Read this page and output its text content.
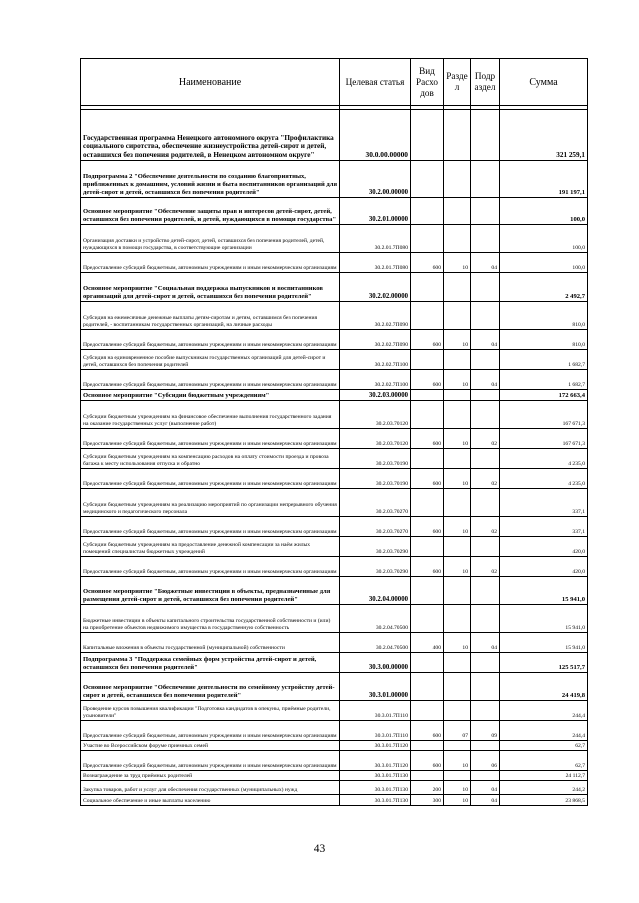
Наименование	Целевая статья	Вид Расхо дов	Разде л	Подр аздел	Сумма

Государственная программа Ненецкого автономного округа "Профилактика социального сиротства, обеспечение жизнеустройства детей-сирот и детей, оставшихся без попечения родителей, в Ненецком автономном округе"	30.0.00.00000				321 259,1
Подпрограмма 2 "Обеспечение деятельности по созданию благоприятных, приближенных к домашним, условий жизни и быта воспитанников организаций для детей-сирот и детей, оставшихся без попечения родителей"	30.2.00.00000				191 197,1
Основное мероприятие "Обеспечение защиты прав и интересов детей-сирот, детей, оставшихся без попечения родителей, и детей, нуждающихся в помощи государства"	30.2.01.00000				100,0
Организация доставки и устройство детей-сирот, детей, оставшихся без попечения родителей, детей, нуждающихся в помощи государства, в соответствующие организации	30.2.01.7П080				100,0
Предоставление субсидий бюджетным, автономным учреждениям и иным некоммерческим организациям	30.2.01.7П080	600	10	04	100,0
Основное мероприятие "Социальная поддержка выпускников и воспитанников организаций для детей-сирот и детей, оставшихся без попечения родителей"	30.2.02.00000				2 492,7
Субсидия на ежемесячные денежные выплаты детям-сиротам и детям, оставшимся без попечения родителей, - воспитанникам государственных организаций, на личные расходы	30.2.02.7П090				810,0
Предоставление субсидий бюджетным, автономным учреждениям и иным некоммерческим организациям	30.2.02.7П090	600	10	04	810,0
Субсидия на единовременное пособие выпускникам государственных организаций для детей-сирот и детей, оставшихся без попечения родителей	30.2.02.7П100				1 682,7
Предоставление субсидий бюджетным, автономным учреждениям и иным некоммерческим организациям	30.2.02.7П100	600	10	04	1 682,7
Основное мероприятие "Субсидии бюджетным учреждениям"	30.2.03.00000				172 663,4
Субсидии бюджетным учреждениям на финансовое обеспечение выполнения государственного задания на оказание государственных услуг (выполнение работ)	30.2.03.70120				167 671,3
Предоставление субсидий бюджетным, автономным учреждениям и иным некоммерческим организациям	30.2.03.70120	600	10	02	167 671,3
Субсидии бюджетным учреждениям на компенсацию расходов на оплату стоимости проезда и провоза багажа к месту использования отпуска и обратно	30.2.03.70190				4 235,0
Предоставление субсидий бюджетным, автономным учреждениям и иным некоммерческим организациям	30.2.03.70190	600	10	02	4 235,0
Субсидии бюджетным учреждениям на реализацию мероприятий по организации непрерывного обучения медицинского и педагогического персонала	30.2.03.70270				337,1
Предоставление субсидий бюджетным, автономным учреждениям и иным некоммерческим организациям	30.2.03.70270	600	10	02	337,1
Субсидии бюджетным учреждениям на предоставление денежной компенсации за наём жилых помещений специалистам бюджетных учреждений	30.2.03.70290				420,0
Предоставление субсидий бюджетным, автономным учреждениям и иным некоммерческим организациям	30.2.03.70290	600	10	02	420,0
Основное мероприятие "Бюджетные инвестиции в объекты, предназначенные для размещения детей-сирот и детей, оставшихся без попечения родителей"	30.2.04.00000				15 941,0
Бюджетные инвестиции в объекты капитального строительства государственной собственности и (или) на приобретение объектов недвижимого имущества в государственную собственность	30.2.04.70500				15 941,0
Капитальные вложения в объекты государственной (муниципальной) собственности	30.2.04.70500	400	10	04	15 941,0
Подпрограмма 3 "Поддержка семейных форм устройства детей-сирот и детей, оставшихся без попечения родителей"	30.3.00.00000				125 517,7
Основное мероприятие "Обеспечение деятельности по семейному устройству детей-сирот и детей, оставшихся без попечения родителей"	30.3.01.00000				24 419,8
Проведение курсов повышения квалификации "Подготовка кандидатов в опекуны, приёмные родители, усыновители"	30.3.01.7П110				244,4
Предоставление субсидий бюджетным, автономным учреждениям и иным некоммерческим организациям	30.3.01.7П110	600	07	09	244,4
Участие во Всероссийском форуме приемных семей	30.3.01.7П120				62,7
Предоставление субсидий бюджетным, автономным учреждениям и иным некоммерческим организациям	30.3.01.7П120	600	10	06	62,7
Вознаграждение за труд приёмных родителей	30.3.01.7П130				24 112,7
Закупка товаров, работ и услуг для обеспечения государственных (муниципальных) нужд	30.3.01.7П130	200	10	04	244,2
Социальное обеспечение и иные выплаты населению	30.3.01.7П130	300	10	04	23 868,5
43
